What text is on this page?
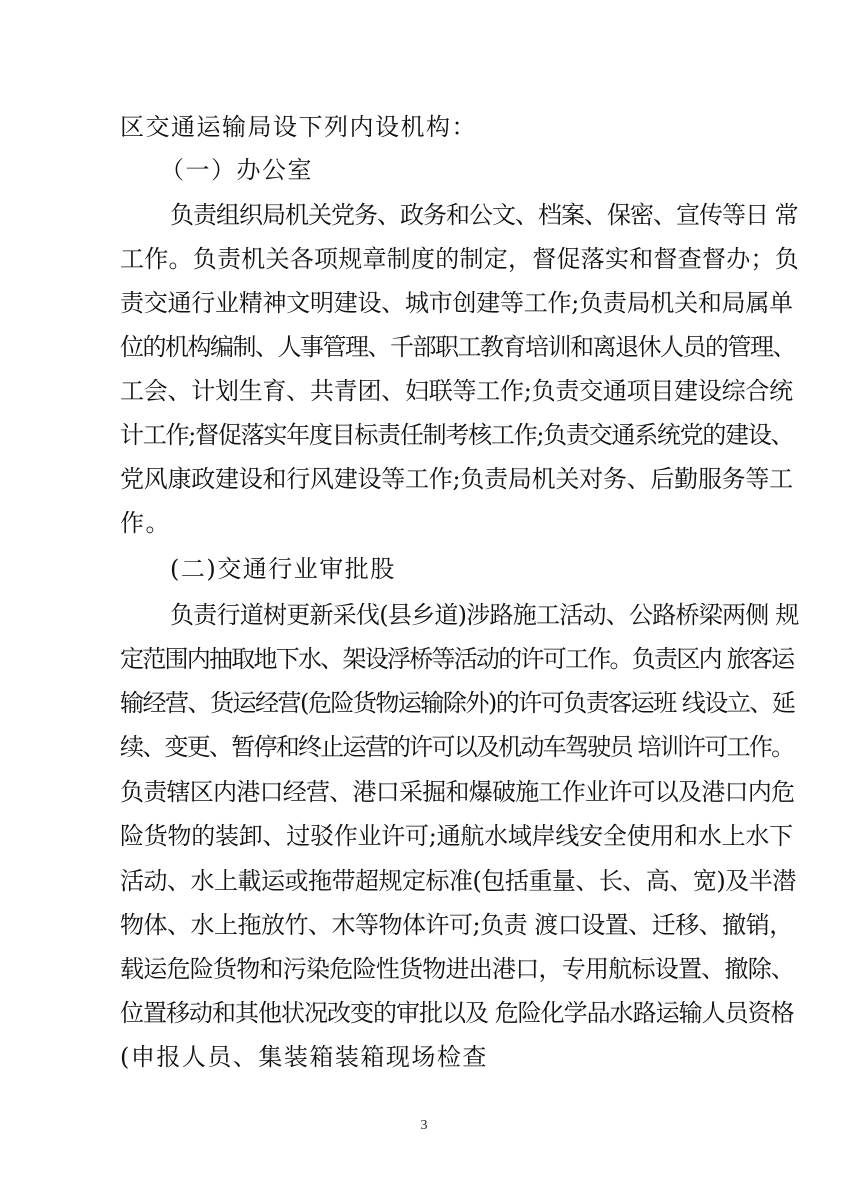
区交通运输局设下列内设机构：
（一）办公室
负责组织局机关党务、政务和公文、档案、保密、宣传等日 常
工作。负责机关各项规章制度的制定，督促落实和督查督办；负
责交通行业精神文明建设、城市创建等工作;负责局机关和局属单
位的机构编制、人事管理、千部职工教育培训和离退休人员的管理、
工会、计划生育、共青团、妇联等工作;负责交通项目建设综合统
计工作;督促落实年度目标责任制考核工作;负责交通系统党的建设、
党风康政建设和行风建设等工作;负责局机关对务、后勤服务等工
作。
(二)交通行业审批股
负责行道树更新采伐(县乡道)涉路施工活动、公路桥梁两侧 规
定范围内抽取地下水、架设浮桥等活动的许可工作。负责区内 旅客运
输经营、货运经营(危险货物运输除外)的许可负责客运班 线设立、延
续、变更、暂停和终止运营的许可以及机动车驾驶员 培训许可工作。
负责辖区内港口经营、港口采掘和爆破施工作业许可以及港口内危
险货物的装卸、过驳作业许可;通航水域岸线安全使用和水上水下
活动、水上載运或拖带超规定标准(包括重量、长、高、宽)及半潜
物体、水上拖放竹、木等物体许可;负责 渡口设置、迁移、撤销，
载运危险货物和污染危险性货物进出港口，专用航标设置、撤除、
位置移动和其他状况改变的审批以及 危险化学品水路运输人员资格
(申报人员、集装箱装箱现场检查
3
